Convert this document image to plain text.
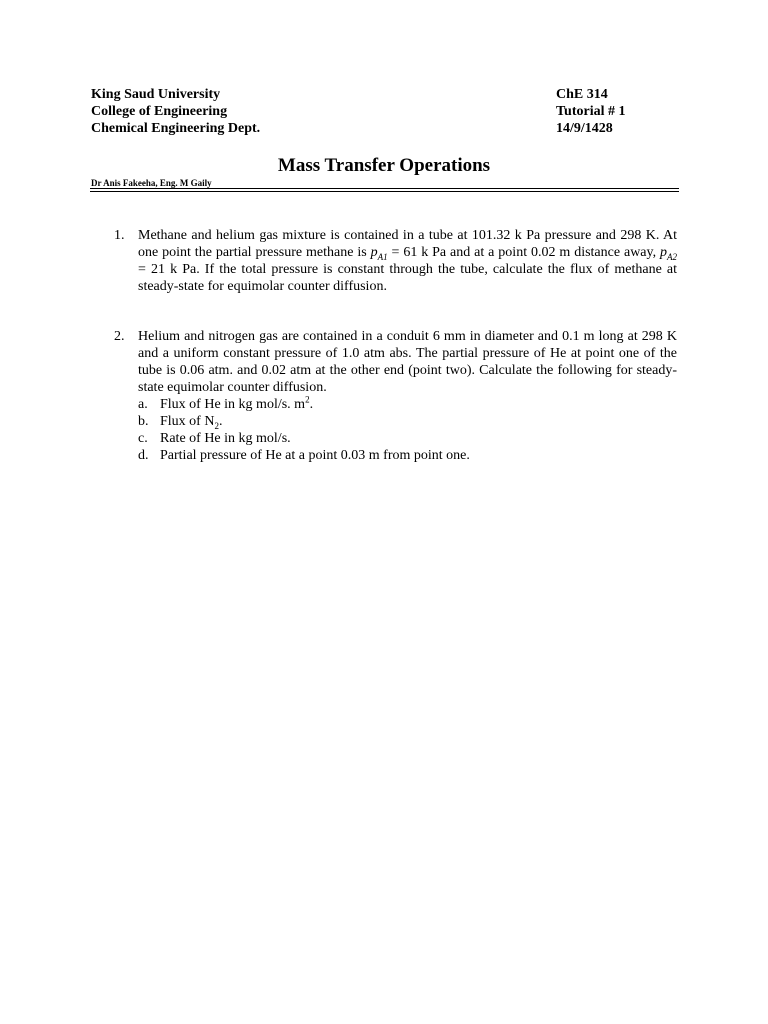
King Saud University
College of Engineering
Chemical Engineering Dept.
ChE 314
Tutorial # 1
14/9/1428
Mass Transfer Operations
Dr Anis Fakeeha, Eng. M Gaily
1. Methane and helium gas mixture is contained in a tube at 101.32 k Pa pressure and 298 K. At one point the partial pressure methane is $p_{A1} = 61$ k Pa and at a point 0.02 m distance away, $p_{A2} = 21$ k Pa. If the total pressure is constant through the tube, calculate the flux of methane at steady-state for equimolar counter diffusion.
2. Helium and nitrogen gas are contained in a conduit 6 mm in diameter and 0.1 m long at 298 K and a uniform constant pressure of 1.0 atm abs. The partial pressure of He at point one of the tube is 0.06 atm. and 0.02 atm at the other end (point two). Calculate the following for steady-state equimolar counter diffusion.
a. Flux of He in kg mol/s. $m^2$.
b. Flux of $N_2$.
c. Rate of He in kg mol/s.
d. Partial pressure of He at a point 0.03 m from point one.
